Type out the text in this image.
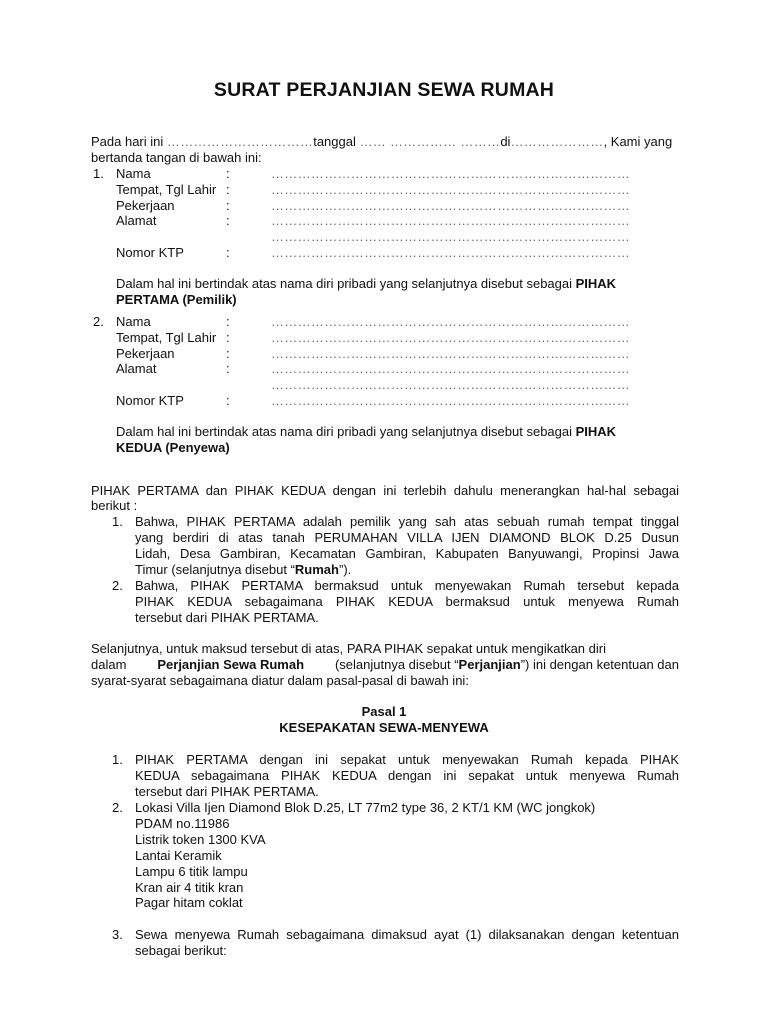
SURAT PERJANJIAN SEWA RUMAH
Pada hari ini ……………………………tanggal …… …………… ………di…………………, Kami yang
bertanda tangan di bawah ini:
1. Nama	:	………………………………………………………………………
Tempat, Tgl Lahir :	………………………………………………………………………
Pekerjaan	:	………………………………………………………………………
Alamat	:	………………………………………………………………………
………………………………………………………………………
Nomor KTP	:	………………………………………………………………………
Dalam hal ini bertindak atas nama diri pribadi yang selanjutnya disebut sebagai PIHAK
PERTAMA (Pemilik)
2. Nama	:	………………………………………………………………………
Tempat, Tgl Lahir :	………………………………………………………………………
Pekerjaan	:	………………………………………………………………………
Alamat	:	………………………………………………………………………
………………………………………………………………………
Nomor KTP	:	………………………………………………………………………
Dalam hal ini bertindak atas nama diri pribadi yang selanjutnya disebut sebagai PIHAK
KEDUA (Penyewa)
PIHAK PERTAMA dan PIHAK KEDUA dengan ini terlebih dahulu menerangkan hal-hal sebagai
berikut :
1. Bahwa, PIHAK PERTAMA adalah pemilik yang sah atas sebuah rumah tempat tinggal
yang berdiri di atas tanah PERUMAHAN VILLA IJEN DIAMOND BLOK D.25 Dusun
Lidah, Desa Gambiran, Kecamatan Gambiran, Kabupaten Banyuwangi, Propinsi Jawa
Timur (selanjutnya disebut “Rumah”).
2. Bahwa, PIHAK PERTAMA bermaksud untuk menyewakan Rumah tersebut kepada
PIHAK KEDUA sebagaimana PIHAK KEDUA bermaksud untuk menyewa Rumah
tersebut dari PIHAK PERTAMA.
Selanjutnya, untuk maksud tersebut di atas, PARA PIHAK sepakat untuk mengikatkan diri
dalam Perjanjian Sewa Rumah (selanjutnya disebut “Perjanjian”) ini dengan ketentuan dan
syarat-syarat sebagaimana diatur dalam pasal-pasal di bawah ini:
Pasal 1
KESEPAKATAN SEWA-MENYEWA
1. PIHAK PERTAMA dengan ini sepakat untuk menyewakan Rumah kepada PIHAK
KEDUA sebagaimana PIHAK KEDUA dengan ini sepakat untuk menyewa Rumah
tersebut dari PIHAK PERTAMA.
2. Lokasi Villa Ijen Diamond Blok D.25, LT 77m2 type 36, 2 KT/1 KM (WC jongkok)
PDAM no.11986
Listrik token 1300 KVA
Lantai Keramik
Lampu 6 titik lampu
Kran air 4 titik kran
Pagar hitam coklat
3. Sewa menyewa Rumah sebagaimana dimaksud ayat (1) dilaksanakan dengan ketentuan
sebagai berikut:
